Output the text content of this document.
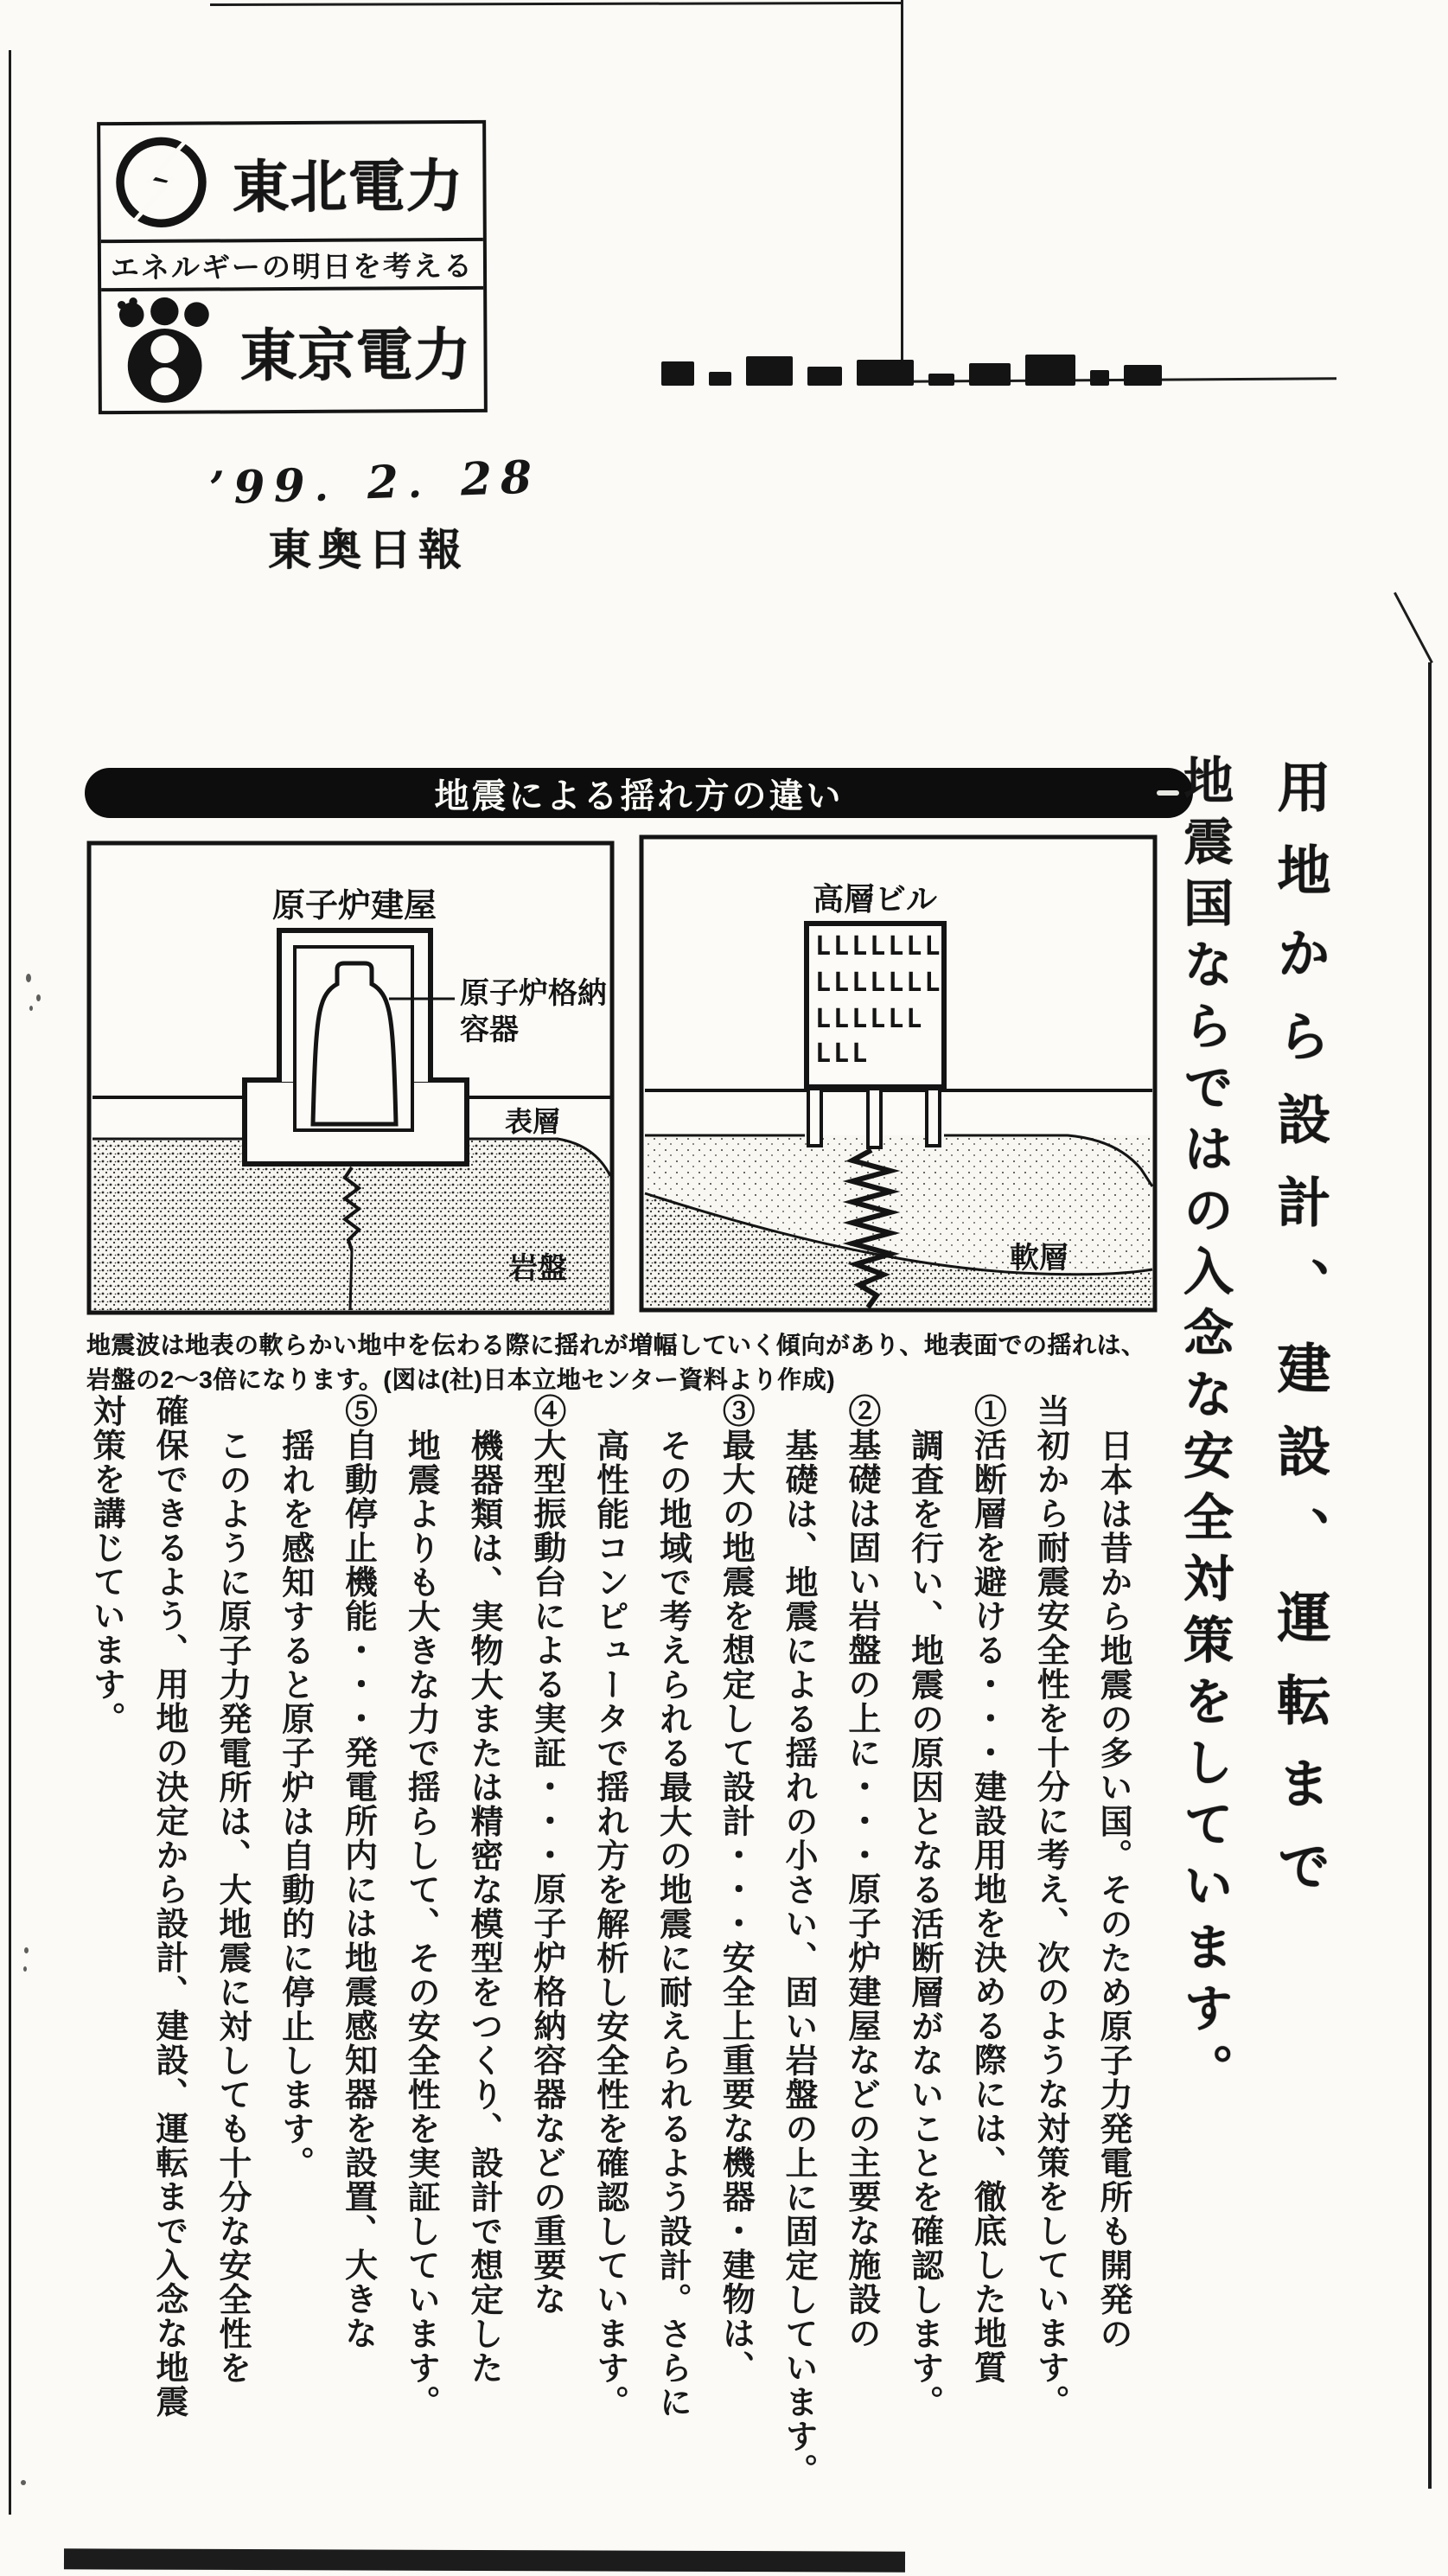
東北電力
エネルギーの明日を考える
東京電力
’99．2．28
東奥日報
地震による揺れ方の違い
原子炉建屋
原子炉格納
容器
表層
岩盤
LLLLLLL
LLLLLLL
LLLLLL
LLL
高層ビル
軟層
地震波は地表の軟らかい地中を伝わる際に揺れが増幅していく傾向があり、地表面での揺れは、
岩盤の2〜3倍になります。(図は(社)日本立地センター資料より作成)	用地から設計、建設、運転まで
地震国ならではの入念な安全対策をしています。
日本は昔から地震の多い国。そのため原子力発電所も開発の
当初から耐震安全性を十分に考え、次のような対策をしています。
①活断層を避ける・・・建設用地を決める際には、徹底した地質
調査を行い、地震の原因となる活断層がないことを確認します。
②基礎は固い岩盤の上に・・・原子炉建屋などの主要な施設の
基礎は、地震による揺れの小さい、固い岩盤の上に固定しています。
③最大の地震を想定して設計・・・安全上重要な機器・建物は、
その地域で考えられる最大の地震に耐えられるよう設計。さらに
高性能コンピュータで揺れ方を解析し安全性を確認しています。
④大型振動台による実証・・・原子炉格納容器などの重要な
機器類は、実物大または精密な模型をつくり、設計で想定した
地震よりも大きな力で揺らして、その安全性を実証しています。
⑤自動停止機能・・・発電所内には地震感知器を設置、大きな
揺れを感知すると原子炉は自動的に停止します。
このように原子力発電所は、大地震に対しても十分な安全性を
確保できるよう、用地の決定から設計、建設、運転まで入念な地震
対策を講じています。
